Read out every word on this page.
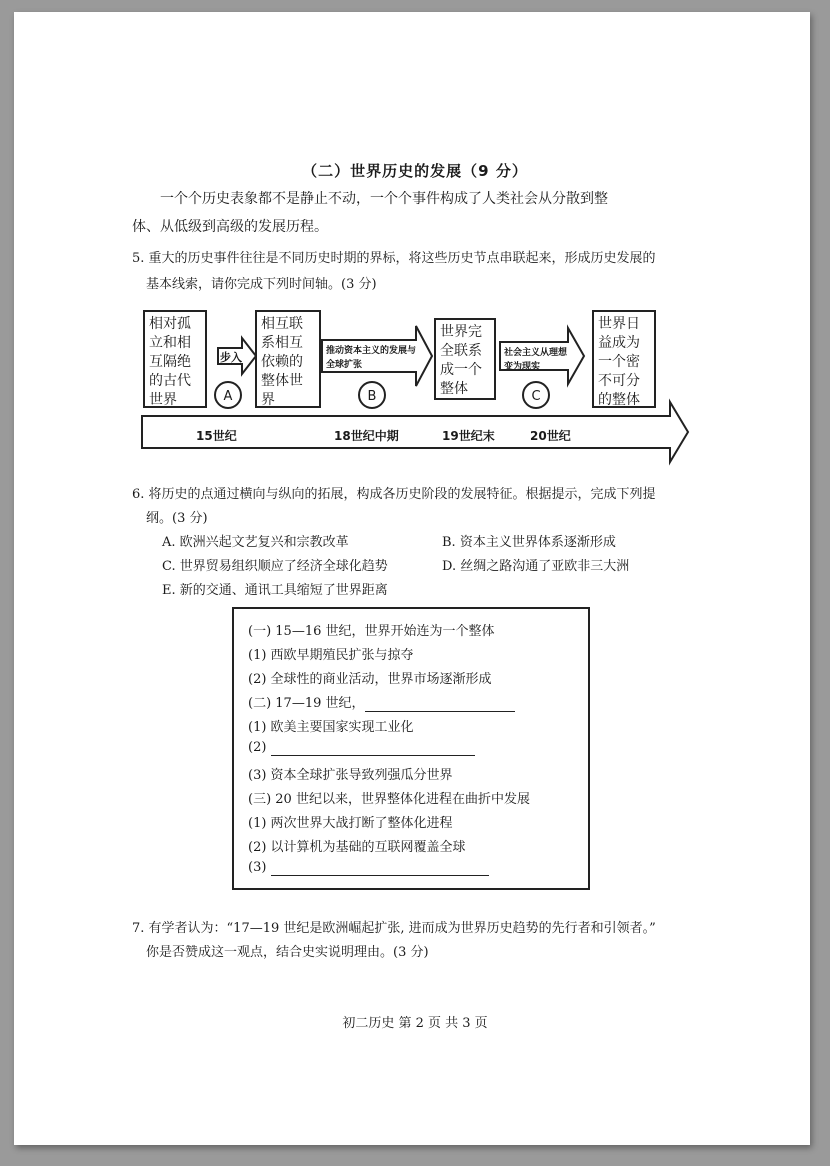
（二）世界历史的发展（9 分）
一个个历史表象都不是静止不动，一个个事件构成了人类社会从分散到整
体、从低级到高级的发展历程。
5. 重大的历史事件往往是不同历史时期的界标，将这些历史节点串联起来，形成历史发展的
基本线索，请你完成下列时间轴。(3 分)
相对孤立和相互隔绝的古代世界
相互联系相互依赖的整体世界
世界完全联系成一个整体
世界日益成为一个密不可分的整体
步入	推动资本主义的发展与全球扩张
社会主义从理想变为现实
A	B	C
15世纪	18世纪中期	19世纪末	20世纪
6. 将历史的点通过横向与纵向的拓展，构成各历史阶段的发展特征。根据提示，完成下列提
纲。(3 分)
A. 欧洲兴起文艺复兴和宗教改革	B. 资本主义世界体系逐渐形成
C. 世界贸易组织顺应了经济全球化趋势	D. 丝绸之路沟通了亚欧非三大洲
E. 新的交通、通讯工具缩短了世界距离
(一) 15—16 世纪，世界开始连为一个整体
(1) 西欧早期殖民扩张与掠夺
(2) 全球性的商业活动，世界市场逐渐形成
(二) 17—19 世纪，
(1) 欧美主要国家实现工业化
(2)
(3) 资本全球扩张导致列强瓜分世界
(三) 20 世纪以来，世界整体化进程在曲折中发展
(1) 两次世界大战打断了整体化进程
(2) 以计算机为基础的互联网覆盖全球
(3)
7. 有学者认为：“17—19 世纪是欧洲崛起扩张, 进而成为世界历史趋势的先行者和引领者。”
你是否赞成这一观点，结合史实说明理由。(3 分)
初二历史 第 2 页 共 3 页
